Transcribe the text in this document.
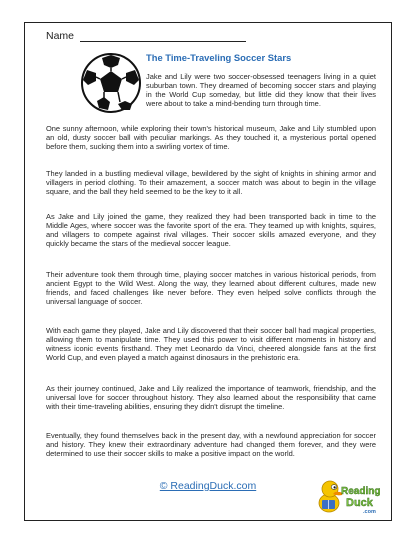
Name
The Time-Traveling Soccer Stars

Jake and Lily were two soccer-obsessed teenagers living in a quiet suburban town. They dreamed of becoming soccer stars and playing in the World Cup someday, but little did they know that their lives were about to take a mind-bending turn through time.

One sunny afternoon, while exploring their town's historical museum, Jake and Lily stumbled upon an old, dusty soccer ball with peculiar markings. As they touched it, a mysterious portal opened before them, sucking them into a swirling vortex of time.

They landed in a bustling medieval village, bewildered by the sight of knights in shining armor and villagers in period clothing. To their amazement, a soccer match was about to begin in the village square, and the ball they held seemed to be the key to it all.

As Jake and Lily joined the game, they realized they had been transported back in time to the Middle Ages, where soccer was the favorite sport of the era. They teamed up with knights, squires, and villagers to compete against rival villages. Their soccer skills amazed everyone, and they quickly became the stars of the medieval soccer league.

Their adventure took them through time, playing soccer matches in various historical periods, from ancient Egypt to the Wild West. Along the way, they learned about different cultures, made new friends, and faced challenges like never before. They even helped solve conflicts through the universal language of soccer.

With each game they played, Jake and Lily discovered that their soccer ball had magical properties, allowing them to manipulate time. They used this power to visit different moments in history and witness iconic events firsthand. They met Leonardo da Vinci, cheered alongside fans at the first World Cup, and even played a match against dinosaurs in the prehistoric era.

As their journey continued, Jake and Lily realized the importance of teamwork, friendship, and the universal love for soccer throughout history. They also learned about the responsibility that came with their time-traveling abilities, ensuring they didn't disrupt the timeline.

Eventually, they found themselves back in the present day, with a newfound appreciation for soccer and history. They knew their extraordinary adventure had changed them forever, and they were determined to use their soccer skills to make a positive impact on the world.

© ReadingDuck.com	Reading
Duck
.com
